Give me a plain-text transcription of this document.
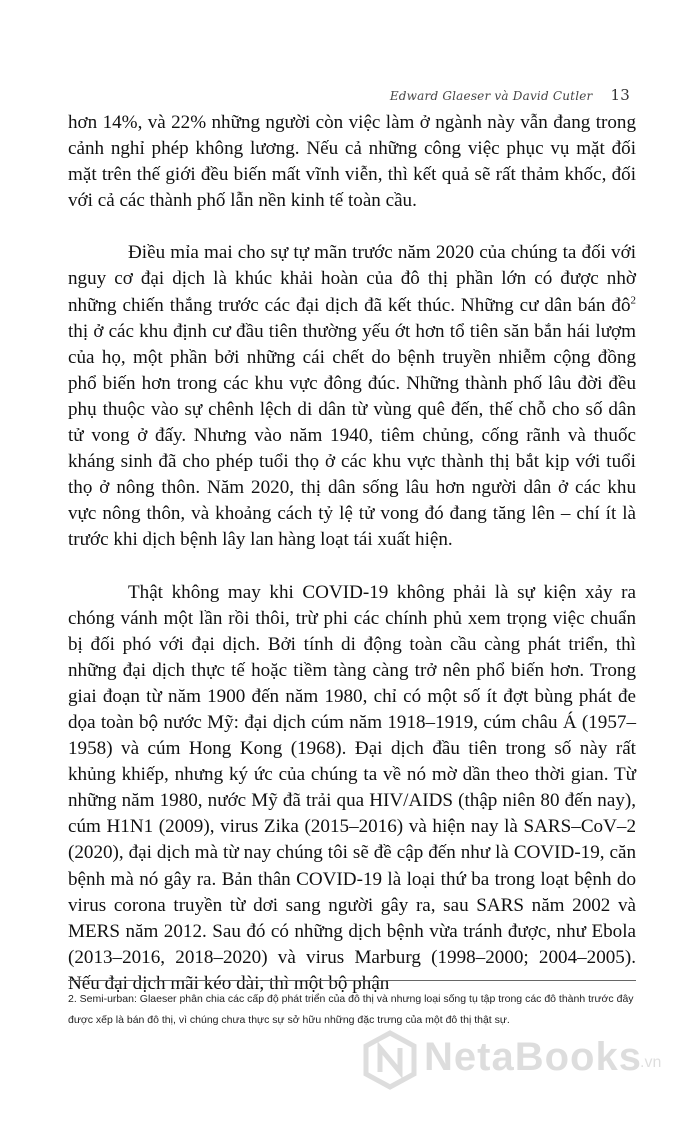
Edward Glaeser và David Cutler 13

hơn 14%, và 22% những người còn việc làm ở ngành này vẫn đang trong cảnh nghỉ phép không lương. Nếu cả những công việc phục vụ mặt đối mặt trên thế giới đều biến mất vĩnh viễn, thì kết quả sẽ rất thảm khốc, đối với cả các thành phố lẫn nền kinh tế toàn cầu.

Điều mỉa mai cho sự tự mãn trước năm 2020 của chúng ta đối với nguy cơ đại dịch là khúc khải hoàn của đô thị phần lớn có được nhờ những chiến thắng trước các đại dịch đã kết thúc. Những cư dân bán $đô^2$ thị ở các khu định cư đầu tiên thường yếu ớt hơn tổ tiên săn bắn hái lượm của họ, một phần bởi những cái chết do bệnh truyền nhiễm cộng đồng phổ biến hơn trong các khu vực đông đúc. Những thành phố lâu đời đều phụ thuộc vào sự chênh lệch di dân từ vùng quê đến, thế chỗ cho số dân tử vong ở đấy. Nhưng vào năm 1940, tiêm chủng, cống rãnh và thuốc kháng sinh đã cho phép tuổi thọ ở các khu vực thành thị bắt kịp với tuổi thọ ở nông thôn. Năm 2020, thị dân sống lâu hơn người dân ở các khu vực nông thôn, và khoảng cách tỷ lệ tử vong đó đang tăng lên – chí ít là trước khi dịch bệnh lây lan hàng loạt tái xuất hiện.

Thật không may khi COVID-19 không phải là sự kiện xảy ra chóng vánh một lần rồi thôi, trừ phi các chính phủ xem trọng việc chuẩn bị đối phó với đại dịch. Bởi tính di động toàn cầu càng phát triển, thì những đại dịch thực tế hoặc tiềm tàng càng trở nên phổ biến hơn. Trong giai đoạn từ năm 1900 đến năm 1980, chỉ có một số ít đợt bùng phát đe dọa toàn bộ nước Mỹ: đại dịch cúm năm 1918–1919, cúm châu Á (1957–1958) và cúm Hong Kong (1968). Đại dịch đầu tiên trong số này rất khủng khiếp, nhưng ký ức của chúng ta về nó mờ dần theo thời gian. Từ những năm 1980, nước Mỹ đã trải qua HIV/AIDS (thập niên 80 đến nay), cúm H1N1 (2009), virus Zika (2015–2016) và hiện nay là SARS–CoV–2 (2020), đại dịch mà từ nay chúng tôi sẽ đề cập đến như là COVID-19, căn bệnh mà nó gây ra. Bản thân COVID-19 là loại thứ ba trong loạt bệnh do virus corona truyền từ dơi sang người gây ra, sau SARS năm 2002 và MERS năm 2012. Sau đó có những dịch bệnh vừa tránh được, như Ebola (2013–2016, 2018–2020) và virus Marburg (1998–2000; 2004–2005). Nếu đại dịch mãi kéo dài, thì một bộ phận

2. Semi-urban: Glaeser phân chia các cấp độ phát triển của đô thị và nhưng loại sống tụ tập trong các đô thành trước đây được xếp là bán đô thị, vì chúng chưa thực sự sở hữu những đặc trưng của một đô thị thật sự.
NetaBooks
.vn
